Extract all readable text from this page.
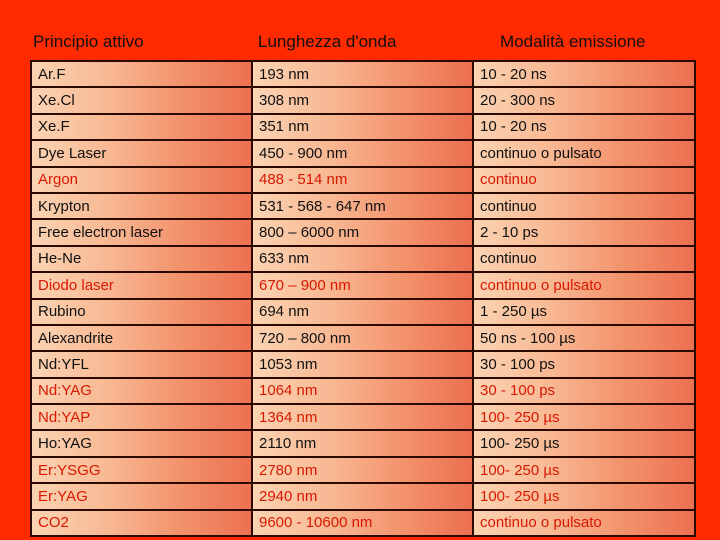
Principio attivo	Lunghezza d'onda	Modalità emissione
Ar.F	193 nm	10 - 20 ns
Xe.Cl	308 nm	20 - 300 ns
Xe.F	351 nm	10 - 20 ns
Dye Laser	450 - 900 nm	continuo o pulsato
Argon	488 - 514 nm	continuo
Krypton	531 - 568 - 647 nm	continuo
Free electron laser	800 – 6000 nm	2 - 10 ps
He-Ne	633 nm	continuo
Diodo laser	670 – 900 nm	continuo o pulsato
Rubino	694 nm	1 - 250 µs
Alexandrite	720 – 800 nm	50 ns - 100 µs
Nd:YFL	1053 nm	30 - 100 ps
Nd:YAG	1064 nm	30 - 100 ps
Nd:YAP	1364 nm	100- 250 µs
Ho:YAG	2110 nm	100- 250 µs
Er:YSGG	2780 nm	100- 250 µs
Er:YAG	2940 nm	100- 250 µs
CO2	9600 - 10600 nm	continuo o pulsato
